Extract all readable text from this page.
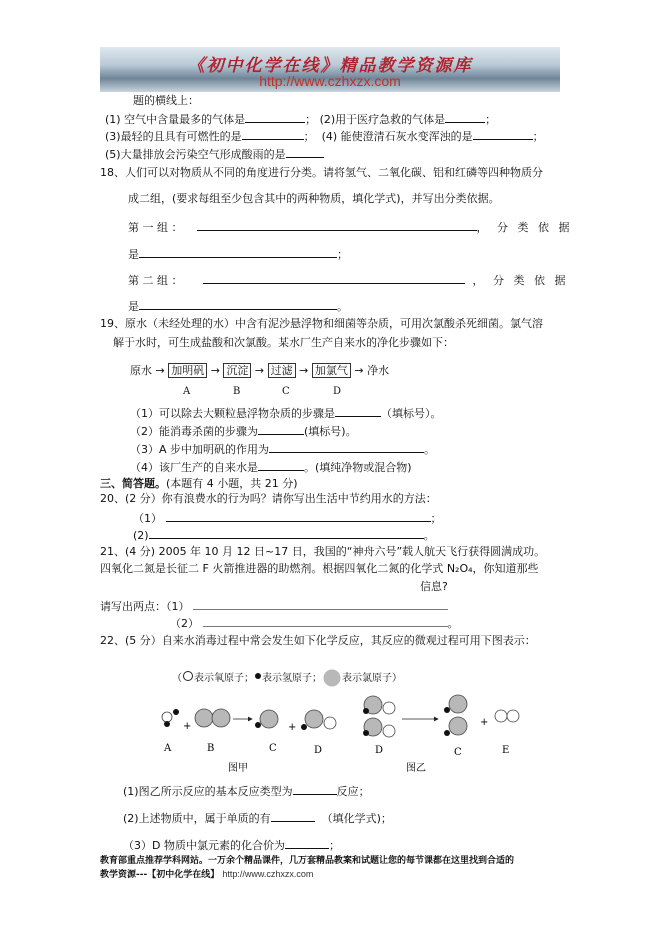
《初中化学在线》精品教学资源库
http://www.czhxzx.com
题的横线上：
(1) 空气中含量最多的气体是	； (2)用于医疗急救的气体是	；
(3)最轻的且具有可燃性的是	； (4) 能使澄清石灰水变浑浊的是	；
(5)大量排放会污染空气形成酸雨的是
18、人们可以对物质从不同的角度进行分类。请将氢气、二氧化碳、铝和红磷等四种物质分
成二组，(要求每组至少包含其中的两种物质，填化学式)，并写出分类依据。
第 一 组 ：	， 分 类 依 据
是	；
第 二 组 ：	， 分 类 依 据
是	。
19、原水（未经处理的水）中含有泥沙悬浮物和细菌等杂质，可用次氯酸杀死细菌。氯气溶
解于水时，可生成盐酸和次氯酸。某水厂生产自来水的净化步骤如下：
原水 → 加明矾 → 沉淀 → 过滤 → 加氯气 → 净水
A	B	C	D
（1）可以除去大颗粒悬浮物杂质的步骤是	（填标号）。
（2）能消毒杀菌的步骤为	(填标号)。
（3）A 步中加明矾的作用为	。
（4）该厂生产的自来水是	。(填纯净物或混合物)
三、简答题。(本题有 4 小题，共 21 分)
20、(2 分）你有浪费水的行为吗？请你写出生活中节约用水的方法：
（1）	；
(2)	。
21、(4 分) 2005 年 10 月 12 日~17 日，我国的“神舟六号”载人航天飞行获得圆满成功。
四氧化二氮是长征二 F 火箭推进器的助燃剂。根据四氧化二氮的化学式 N₂O₄，你知道那些
信息?
请写出两点：（1）
（2）	。
22、(5 分）自来水消毒过程中常会发生如下化学反应，其反应的微观过程可用下图表示：
（ 表示氧原子； 表示氢原子； 表示氯原子）
+	+	+
A	B	C	D	D	C	E
图甲	图乙
(1)图乙所示反应的基本反应类型为	反应；
(2)上述物质中，属于单质的有	（填化学式)；
（3）D 物质中氯元素的化合价为	；
教育部重点推荐学科网站。一万余个精品课件，几万套精品教案和试题让您的每节课都在这里找到合适的
教学资源---【初中化学在线】 http://www.czhxzx.com
